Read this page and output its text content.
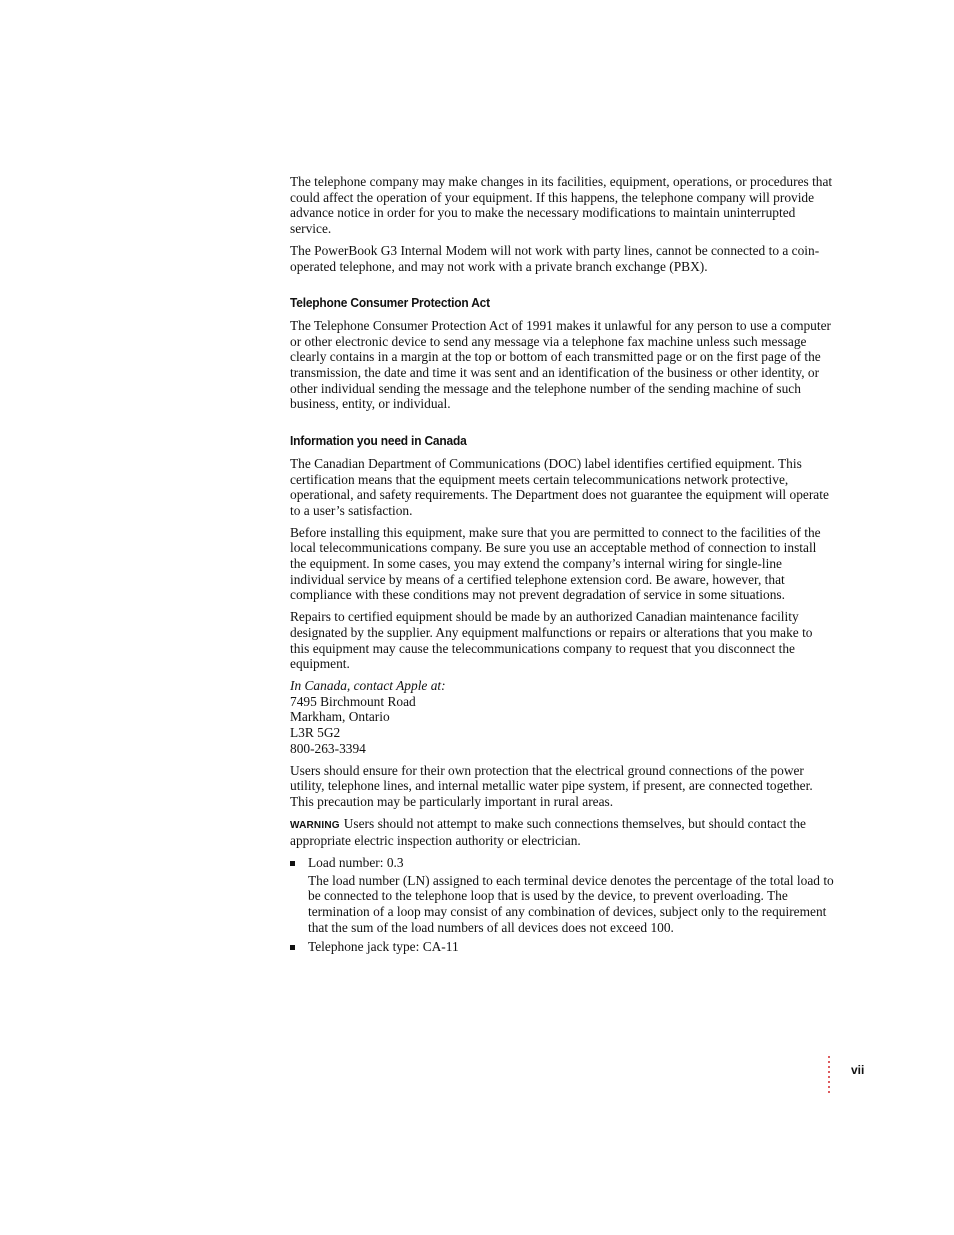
The telephone company may make changes in its facilities, equipment, operations, or procedures that could affect the operation of your equipment. If this happens, the telephone company will provide advance notice in order for you to make the necessary modifications to maintain uninterrupted service.

The PowerBook G3 Internal Modem will not work with party lines, cannot be connected to a coin-operated telephone, and may not work with a private branch exchange (PBX).

Telephone Consumer Protection Act

The Telephone Consumer Protection Act of 1991 makes it unlawful for any person to use a computer or other electronic device to send any message via a telephone fax machine unless such message clearly contains in a margin at the top or bottom of each transmitted page or on the first page of the transmission, the date and time it was sent and an identification of the business or other identity, or other individual sending the message and the telephone number of the sending machine of such business, entity, or individual.

Information you need in Canada

The Canadian Department of Communications (DOC) label identifies certified equipment. This certification means that the equipment meets certain telecommunications network protective, operational, and safety requirements. The Department does not guarantee the equipment will operate to a user’s satisfaction.

Before installing this equipment, make sure that you are permitted to connect to the facilities of the local telecommunications company. Be sure you use an acceptable method of connection to install the equipment. In some cases, you may extend the company’s internal wiring for single-line individual service by means of a certified telephone extension cord. Be aware, however, that compliance with these conditions may not prevent degradation of service in some situations.

Repairs to certified equipment should be made by an authorized Canadian maintenance facility designated by the supplier. Any equipment malfunctions or repairs or alterations that you make to this equipment may cause the telecommunications company to request that you disconnect the equipment.

In Canada, contact Apple at:
7495 Birchmount Road
Markham, Ontario
L3R 5G2
800-263-3394

Users should ensure for their own protection that the electrical ground connections of the power utility, telephone lines, and internal metallic water pipe system, if present, are connected together. This precaution may be particularly important in rural areas.

WARNING Users should not attempt to make such connections themselves, but should contact the appropriate electric inspection authority or electrician.

Load number: 0.3
The load number (LN) assigned to each terminal device denotes the percentage of the total load to be connected to the telephone loop that is used by the device, to prevent overloading. The termination of a loop may consist of any combination of devices, subject only to the requirement that the sum of the load numbers of all devices does not exceed 100.
Telephone jack type: CA-11
vii
